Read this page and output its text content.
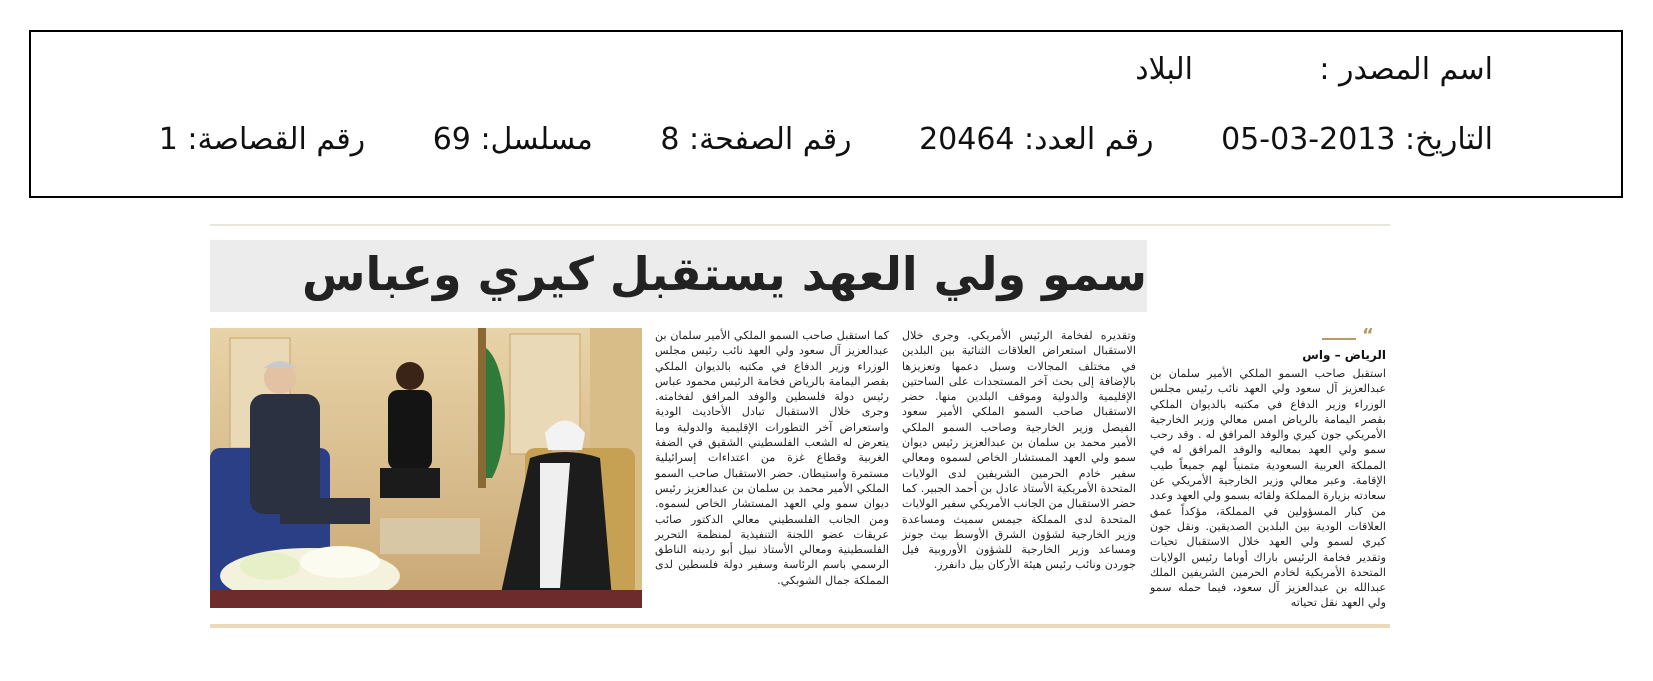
اسم المصدر :
البلاد
التاريخ: 2013-03-05 رقم العدد: 20464 رقم الصفحة: 8 مسلسل: 69 رقم القصاصة: 1
سمو ولي العهد يستقبل كيري وعباس
“
الرياض – واس

استقبل صاحب السمو الملكي الأمير سلمان بن عبدالعزيز آل سعود ولي العهد نائب رئيس مجلس الوزراء وزير الدفاع في مكتبه بالديوان الملكي بقصر اليمامة بالرياض امس معالي وزير الخارجية الأمريكي جون كيري والوفد المرافق له . وقد رحب سمو ولي العهد بمعاليه والوفد المرافق له في المملكة العربية السعودية متمنياً لهم جميعاً طيب الإقامة. وعبر معالي وزير الخارجية الأمريكي عن سعادته بزيارة المملكة ولقائه بسمو ولي العهد وعدد من كبار المسؤولين في المملكة، مؤكداً عمق العلاقات الودية بين البلدين الصديقين. ونقل جون كيري لسمو ولي العهد خلال الاستقبال تحيات وتقدير فخامة الرئيس باراك أوباما رئيس الولايات المتحدة الأمريكية لخادم الحرمين الشريفين الملك عبدالله بن عبدالعزيز آل سعود، فيما حمله سمو ولي العهد نقل تحياته

وتقديره لفخامة الرئيس الأمريكي. وجرى خلال الاستقبال استعراض العلاقات الثنائية بين البلدين في مختلف المجالات وسبل دعمها وتعزيزها بالإضافة إلى بحث آخر المستجدات على الساحتين الإقليمية والدولية وموقف البلدين منها. حضر الاستقبال صاحب السمو الملكي الأمير سعود الفيصل وزير الخارجية وصاحب السمو الملكي الأمير محمد بن سلمان بن عبدالعزيز رئيس ديوان سمو ولي العهد المستشار الخاص لسموه ومعالي سفير خادم الحرمين الشريفين لدى الولايات المتحدة الأمريكية الأستاذ عادل بن أحمد الجبير. كما حضر الاستقبال من الجانب الأمريكي سفير الولايات المتحدة لدى المملكة جيمس سميث ومساعدة وزير الخارجية لشؤون الشرق الأوسط بيث جونز ومساعد وزير الخارجية للشؤون الأوروبية فيل جوردن ونائب رئيس هيئة الأركان بيل دانفرز.

كما استقبل صاحب السمو الملكي الأمير سلمان بن عبدالعزيز آل سعود ولي العهد نائب رئيس مجلس الوزراء وزير الدفاع في مكتبه بالديوان الملكي بقصر اليمامة بالرياض فخامة الرئيس محمود عباس رئيس دولة فلسطين والوفد المرافق لفخامته. وجرى خلال الاستقبال تبادل الأحاديث الودية واستعراض آخر التطورات الإقليمية والدولية وما يتعرض له الشعب الفلسطيني الشقيق في الضفة الغربية وقطاع غزة من اعتداءات إسرائيلية مستمرة واستيطان. حضر الاستقبال صاحب السمو الملكي الأمير محمد بن سلمان بن عبدالعزيز رئيس ديوان سمو ولي العهد المستشار الخاص لسموه. ومن الجانب الفلسطيني معالي الدكتور صائب عريقات عضو اللجنة التنفيذية لمنظمة التحرير الفلسطينية ومعالي الأستاذ نبيل أبو ردينه الناطق الرسمي باسم الرئاسة وسفير دولة فلسطين لدى المملكة جمال الشوبكي.
